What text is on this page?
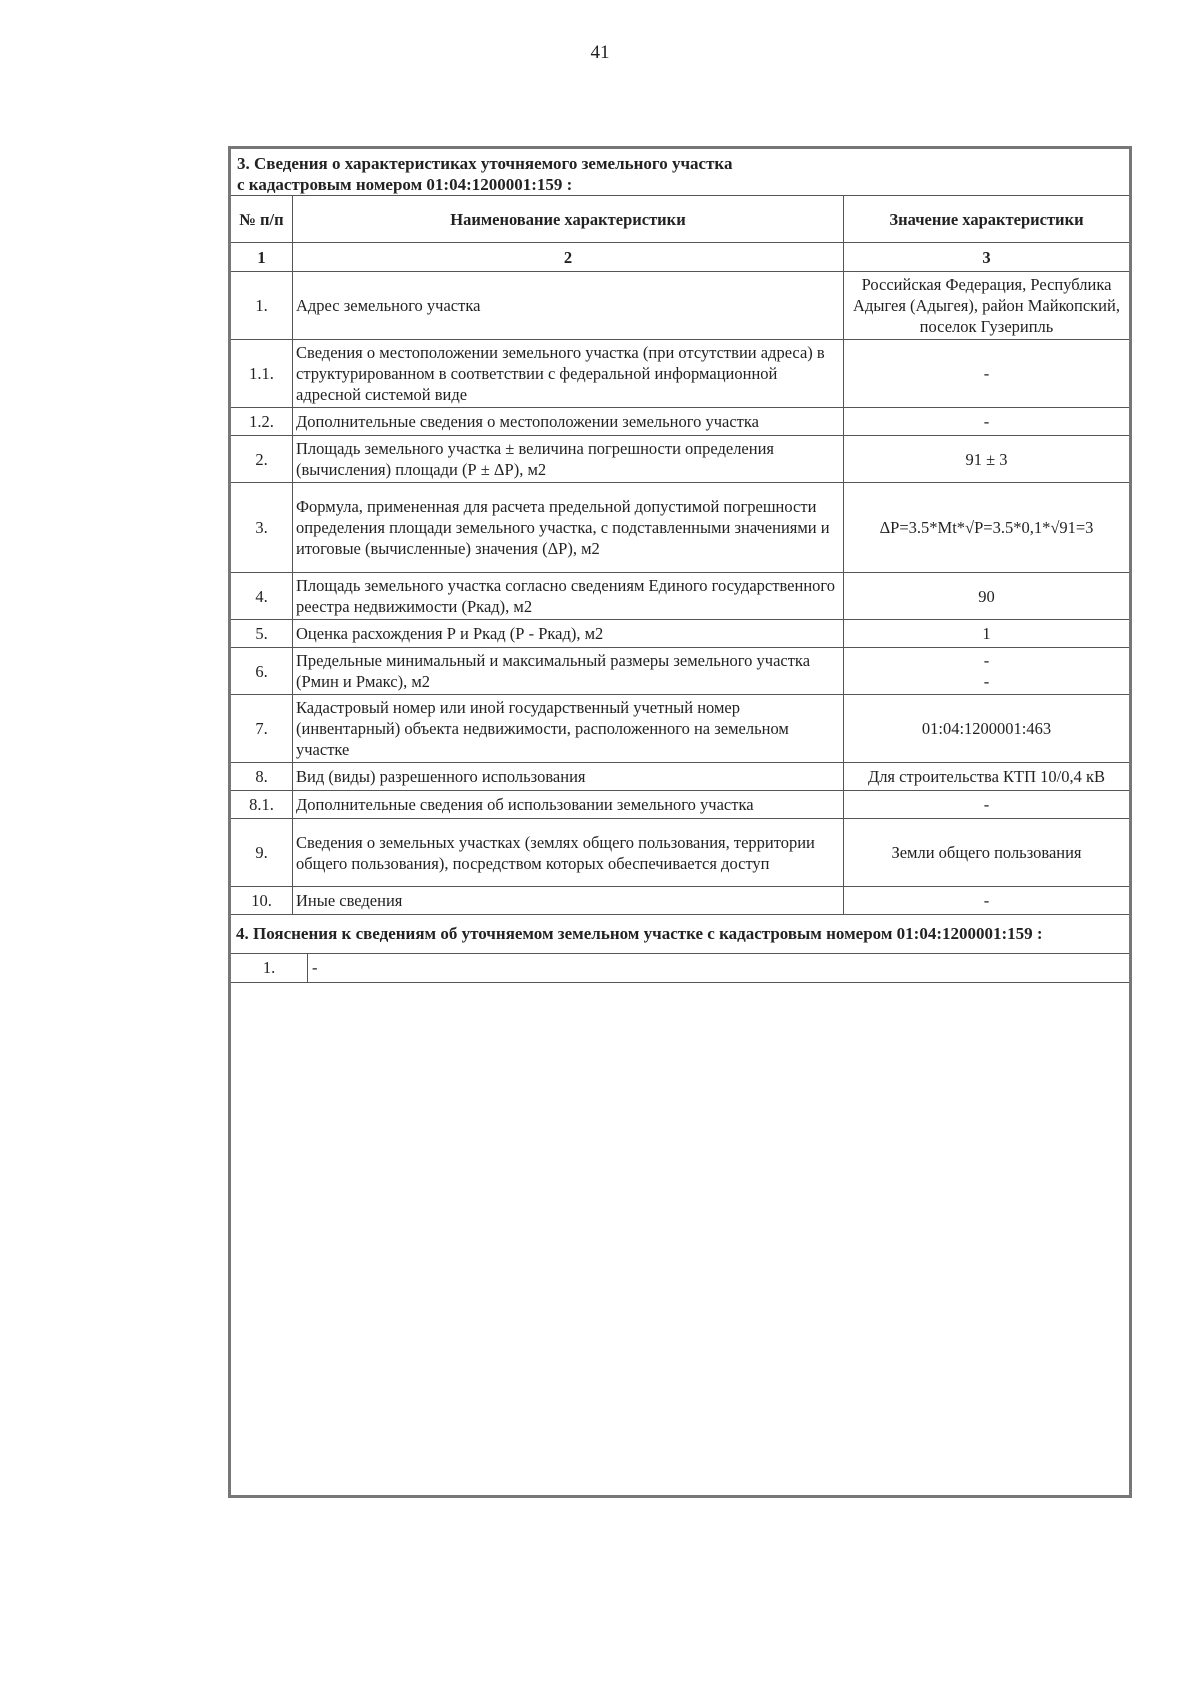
41
3. Сведения о характеристиках уточняемого земельного участка
с кадастровым номером 01:04:1200001:159 :
№ п/п	Наименование характеристики	Значение характеристики
1	2	3
1.	Адрес земельного участка	Российская Федерация, Республика Адыгея (Адыгея), район Майкопский, поселок Гузерипль
1.1.	Сведения о местоположении земельного участка (при отсутствии адреса) в структурированном в соответствии с федеральной информационной адресной системой виде	-
1.2.	Дополнительные сведения о местоположении земельного участка	-
2.	Площадь земельного участка ± величина погрешности определения (вычисления) площади (Р ± ΔР), м2	91 ± 3
3.	Формула, примененная для расчета предельной допустимой погрешности определения площади земельного участка, с подставленными значениями и итоговые (вычисленные) значения (ΔР), м2	ΔР=3.5*Mt*√Р=3.5*0,1*√91=3
4.	Площадь земельного участка согласно сведениям Единого государственного реестра недвижимости (Ркад), м2	90
5.	Оценка расхождения Р и Ркад (Р - Ркад), м2	1
6.	Предельные минимальный и максимальный размеры земельного участка (Рмин и Рмакс), м2	-
-

7.	Кадастровый номер или иной государственный учетный номер (инвентарный) объекта недвижимости, расположенного на земельном участке	01:04:1200001:463
8.	Вид (виды) разрешенного использования	Для строительства КТП 10/0,4 кВ
8.1.	Дополнительные сведения об использовании земельного участка	-
9.	Сведения о земельных участках (землях общего пользования, территории общего пользования), посредством которых обеспечивается доступ	Земли общего пользования
10.	Иные сведения	-
4. Пояснения к сведениям об уточняемом земельном участке с кадастровым номером 01:04:1200001:159 :
1.	-
